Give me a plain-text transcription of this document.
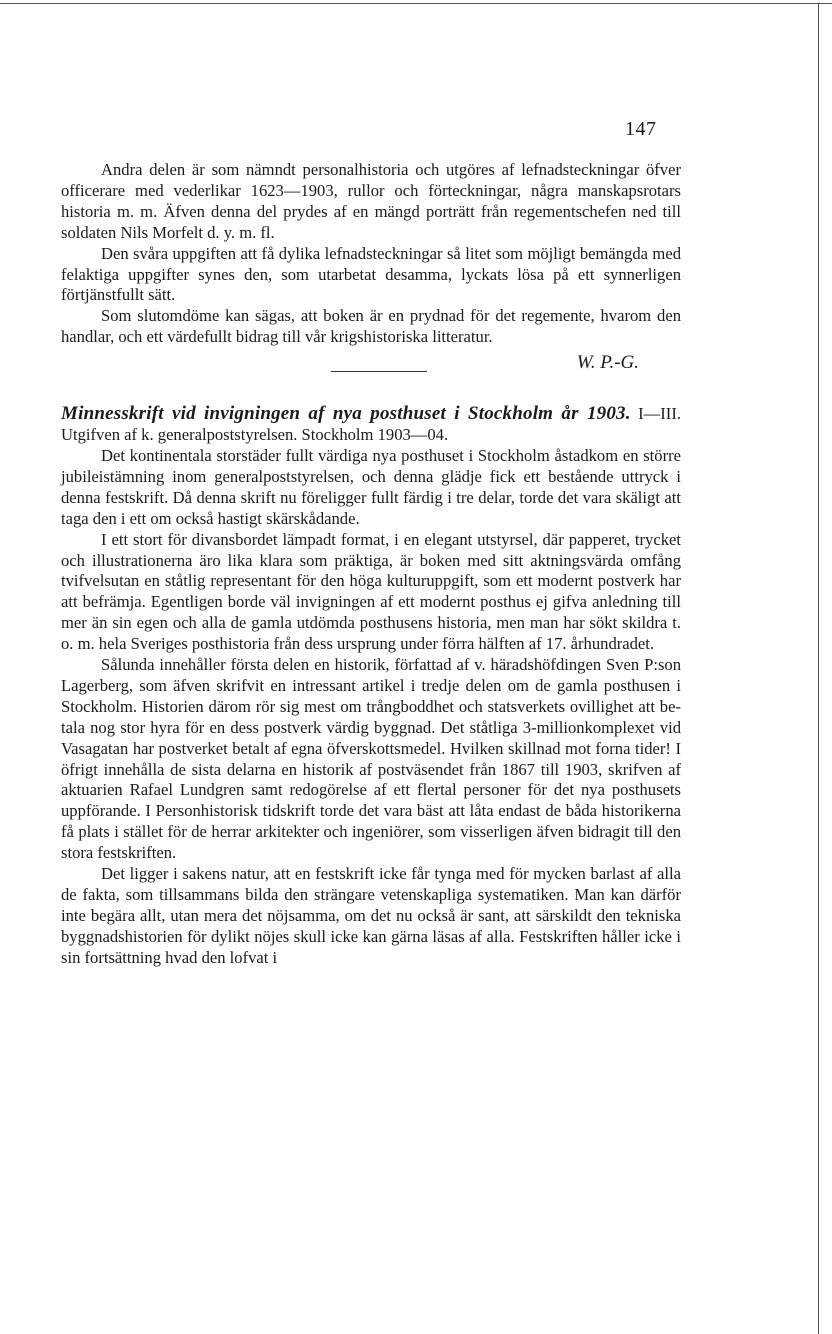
147

Andra delen är som nämndt personalhistoria och utgöres af lefnadsteckningar öfver officerare med vederlikar 1623—1903, rullor och förteckningar, några manskapsrotars historia m. m. Äfven denna del prydes af en mängd porträtt från regementschefen ned till soldaten Nils Morfelt d. y. m. fl.

Den svåra uppgiften att få dylika lefnadsteckningar så litet som möjligt bemängda med felaktiga uppgifter synes den, som utarbetat desamma, lyckats lösa på ett synnerligen förtjänstfullt sätt.

Som slutomdöme kan sägas, att boken är en prydnad för det regemente, hvarom den handlar, och ett värdefullt bidrag till vår krigshistoriska litteratur.

W. P.-G.

Minnesskrift vid invigningen af nya posthuset i Stockholm år 1903. I—III. Utgifven af k. generalpoststyrelsen. Stockholm 1903—04.

Det kontinentala storstäder fullt värdiga nya posthuset i Stockholm åstadkom en större jubileistämning inom generalpoststyrelsen, och denna glädje fick ett bestående uttryck i denna festskrift. Då denna skrift nu föreligger fullt färdig i tre delar, torde det vara skäligt att taga den i ett om också hastigt skärskådande.

I ett stort för divansbordet lämpadt format, i en elegant utstyrsel, där papperet, trycket och illustrationerna äro lika klara som präktiga, är boken med sitt aktningsvärda omfång tvifvelsutan en ståtlig representant för den höga kulturuppgift, som ett modernt postverk har att befrämja. Egentligen borde väl invigningen af ett modernt posthus ej gifva anledning till mer än sin egen och alla de gamla utdömda posthusens historia, men man har sökt skildra t. o. m. hela Sveriges posthistoria från dess ursprung under förra hälften af 17. århundradet.

Sålunda innehåller första delen en historik, författad af v. häradshöfdingen Sven P:son Lagerberg, som äfven skrifvit en intressant artikel i tredje delen om de gamla posthusen i Stockholm. Historien därom rör sig mest om trångboddhet och statsverkets ovillighet att betala nog stor hyra för en dess postverk värdig byggnad. Det ståtliga 3-millionkomplexet vid Vasagatan har postverket betalt af egna öfverskottsmedel. Hvilken skillnad mot forna tider! I öfrigt innehålla de sista delarna en historik af postväsendet från 1867 till 1903, skrifven af aktuarien Rafael Lundgren samt redogörelse af ett flertal personer för det nya posthusets uppförande. I Personhistorisk tidskrift torde det vara bäst att låta endast de båda historikerna få plats i stället för de herrar arkitekter och ingeniörer, som visserligen äfven bidragit till den stora festskriften.

Det ligger i sakens natur, att en festskrift icke får tynga med för mycken barlast af alla de fakta, som tillsammans bilda den strängare vetenskapliga systematiken. Man kan därför inte begära allt, utan mera det nöjsamma, om det nu också är sant, att särskildt den tekniska byggnadshistorien för dylikt nöjes skull icke kan gärna läsas af alla. Festskriften håller icke i sin fortsättning hvad den lofvat i
